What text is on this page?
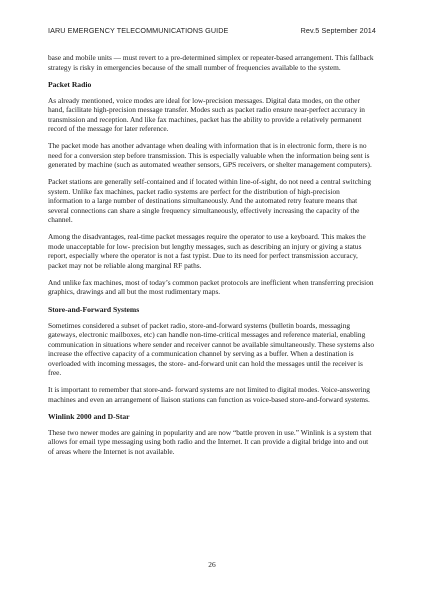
IARU EMERGENCY TELECOMMUNICATIONS GUIDE	Rev.5 September 2014

base and mobile units — must revert to a pre-determined simplex or repeater-based arrangement. This fallback strategy is risky in emergencies because of the small number of frequencies available to the system.

Packet Radio

As already mentioned, voice modes are ideal for low-precision messages. Digital data modes, on the other hand, facilitate high-precision message transfer. Modes such as packet radio ensure near-perfect accuracy in transmission and reception. And like fax machines, packet has the ability to provide a relatively permanent record of the message for later reference.

The packet mode has another advantage when dealing with information that is in electronic form, there is no need for a conversion step before transmission. This is especially valuable when the information being sent is generated by machine (such as automated weather sensors, GPS receivers, or shelter management computers).

Packet stations are generally self-contained and if located within line-of-sight, do not need a central switching system. Unlike fax machines, packet radio systems are perfect for the distribution of high-precision information to a large number of destinations simultaneously. And the automated retry feature means that several connections can share a single frequency simultaneously, effectively increasing the capacity of the channel.

Among the disadvantages, real-time packet messages require the operator to use a keyboard. This makes the mode unacceptable for low- precision but lengthy messages, such as describing an injury or giving a status report, especially where the operator is not a fast typist. Due to its need for perfect transmission accuracy, packet may not be reliable along marginal RF paths.

And unlike fax machines, most of today’s common packet protocols are inefficient when transferring precision graphics, drawings and all but the most rudimentary maps.

Store-and-Forward Systems

Sometimes considered a subset of packet radio, store-and-forward systems (bulletin boards, messaging gateways, electronic mailboxes, etc) can handle non-time-critical messages and reference material, enabling communication in situations where sender and receiver cannot be available simultaneously. These systems also increase the effective capacity of a communication channel by serving as a buffer. When a destination is overloaded with incoming messages, the store- and-forward unit can hold the messages until the receiver is free.

It is important to remember that store-and- forward systems are not limited to digital modes. Voice-answering machines and even an arrangement of liaison stations can function as voice-based store-and-forward systems.

Winlink 2000 and D-Star

These two newer modes are gaining in popularity and are now “battle proven in use.” Winlink is a system that allows for email type messaging using both radio and the Internet. It can provide a digital bridge into and out of areas where the Internet is not available.

26
